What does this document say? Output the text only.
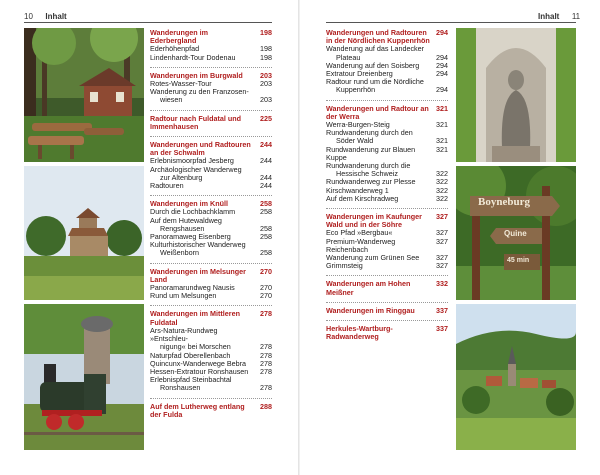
10 Inhalt
Wanderungen im Ederbergland
198
Ederhöhenpfad	198
Lindenhardt-Tour Dodenau	198
Wanderungen im Burgwald 203
Rotes-Wasser-Tour	203
Wanderung zu den Franzosen-
wiesen	203
Radtour nach Fuldatal und Immenhausen
225
Wanderungen und Radtouren an der Schwalm
244
Erlebnismoorpfad Jesberg	244
Archäologischer Wanderweg
zur Altenburg	244
Radtouren	244
Wanderungen im Knüll	258
Durch die Lochbachklamm	258
Auf dem Hutewaldweg
Rengshausen	258
Panoramaweg Eisenberg	258
Kulturhistorischer Wanderweg
Weißenborn	258
Wanderungen im Melsunger Land
270
Panoramarundweg Nausis	270
Rund um Melsungen	270
Wanderungen im Mittleren Fuldatal
278
Ars-Natura-Rundweg »Entschleu-
nigung« bei Morschen	278
Naturpfad Oberellenbach	278
Quincunx-Wanderwege Bebra 278
Hessen-Extratour Ronshausen 278
Erlebnispfad Steinbachtal
Ronshausen	278
Auf dem Lutherweg entlang der Fulda
288
Inhalt 11
Wanderungen und Radtouren in der Nördlichen Kuppenrhön
294
Wanderung auf das Landecker
Plateau	294
Wanderung auf den Soisberg 294
Extratour Dreienberg	294
Radtour rund um die Nördliche
Kuppenrhön	294
Wanderungen und Radtour an der Werra
321
Werra-Burgen-Steig	321
Rundwanderung durch den
Söder Wald	321
Rundwanderung zur Blauen Kuppe
321
Rundwanderung durch die
Hessische Schweiz	322
Rundwanderweg zur Plesse	322
Kirschwanderweg 1	322
Auf dem Kirschradweg	322
Wanderungen im Kaufunger Wald und in der Söhre
327
Eco Pfad »Bergbau«	327
Premium-Wanderweg Reichenbach
327
Wanderung zum Grünen See 327
Grimmsteig	327
Wanderungen am Hohen Meißner
332
Wanderungen im Ringgau	337
Herkules-Wartburg-Radwanderweg
337
Boyneburg
Quine
45 min
